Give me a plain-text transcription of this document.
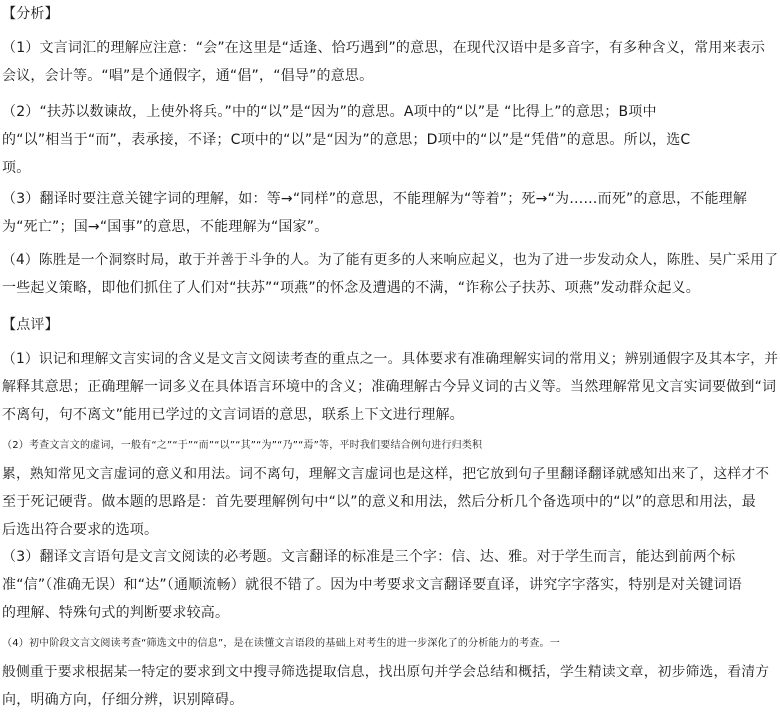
【分析】
（1）文言词汇的理解应注意：“会”在这里是“适逢、恰巧遇到”的意思，在现代汉语中是多音字，有多种含义，常用来表示
会议，会计等。“唱”是个通假字，通“倡”，“倡导”的意思。
（2）“扶苏以数谏故，上使外将兵。”中的“以”是“因为”的意思。A项中的“以”是 “比得上”的意思；B项中
的“以”相当于“而”，表承接，不译；C项中的“以”是“因为”的意思；D项中的“以”是“凭借”的意思。所以，选C
项。
（3）翻译时要注意关键字词的理解，如：等→“同样”的意思，不能理解为“等着”；死→“为……而死”的意思，不能理解
为“死亡”；国→“国事”的意思，不能理解为“国家”。
（4）陈胜是一个洞察时局，敢于并善于斗争的人。为了能有更多的人来响应起义，也为了进一步发动众人，陈胜、吴广采用了
一些起义策略，即他们抓住了人们对“扶苏”“项燕”的怀念及遭遇的不满，“诈称公子扶苏、项燕”发动群众起义。
【点评】
（1）识记和理解文言实词的含义是文言文阅读考查的重点之一。具体要求有准确理解实词的常用义；辨别通假字及其本字，并
解释其意思；正确理解一词多义在具体语言环境中的含义；准确理解古今异义词的古义等。当然理解常见文言实词要做到“词
不离句，句不离文”能用已学过的文言词语的意思，联系上下文进行理解。
（2）考查文言文的虚词，一般有“之”“于”“而”“以”“其”“为”“乃”“焉”等，平时我们要结合例句进行归类积
累，熟知常见文言虚词的意义和用法。词不离句，理解文言虚词也是这样，把它放到句子里翻译翻译就感知出来了，这样才不
至于死记硬背。做本题的思路是：首先要理解例句中“以”的意义和用法，然后分析几个备选项中的“以”的意思和用法，最
后选出符合要求的选项。
（3）翻译文言语句是文言文阅读的必考题。文言翻译的标准是三个字：信、达、雅。对于学生而言，能达到前两个标
准“信”（准确无误）和“达”（通顺流畅）就很不错了。因为中考要求文言翻译要直译，讲究字字落实，特别是对关键词语
的理解、特殊句式的判断要求较高。
（4）初中阶段文言文阅读考查“筛选文中的信息”，是在读懂文言语段的基础上对考生的进一步深化了的分析能力的考查。一
般侧重于要求根据某一特定的要求到文中搜寻筛选提取信息，找出原句并学会总结和概括，学生精读文章，初步筛选，看清方
向，明确方向，仔细分辨，识别障碍。
